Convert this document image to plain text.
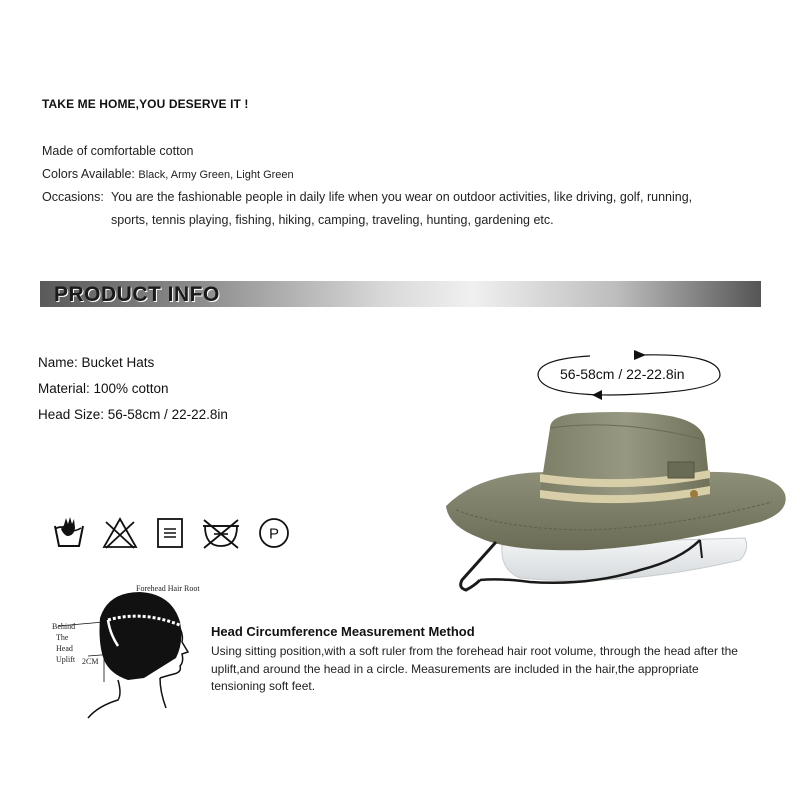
TAKE ME HOME,YOU DESERVE IT !
Made of comfortable cotton
Colors Available: Black, Army Green, Light Green
Occasions: You are the fashionable people in daily life when you wear on outdoor activities, like driving, golf, running,
sports, tennis playing, fishing, hiking, camping, traveling, hunting, gardening etc.
PRODUCT INFO
Name: Bucket Hats
Material: 100% cotton
Head Size: 56-58cm / 22-22.8in
P
56-58cm / 22-22.8in
Forehead Hair Root
Behind
The
Head
Uplift 2CM
Head Circumference Measurement Method
Using sitting position,with a soft ruler from the forehead hair root volume, through the head after the uplift,and around the head in a circle. Measurements are included in the hair,the appropriate tensioning soft feet.
